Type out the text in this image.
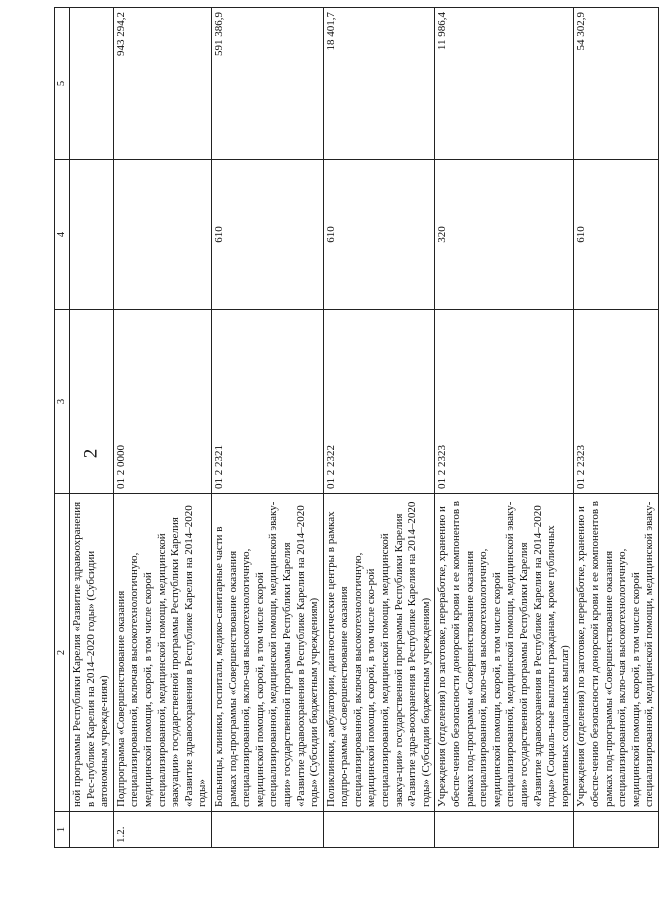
2
1	2	3	4	5
	ной программы Республики Карелия «Развитие здравоохранения в Рес-публике Карелия на 2014–2020 годы» (Субсидии автономным учрежде-ниям)			
1.2.	Подпрограмма «Совершенствование оказания специализированной, включая высокотехнологичную, медицинской помощи, скорой, в том числе скорой специализированной, медицинской помощи, медицинской эвакуации» государственной программы Республики Карелия «Развитие здравоохранения в Республике Карелия на 2014–2020 годы»	01 2 0000		943 294,2
	Больницы, клиники, госпитали, медико-санитарные части в рамках под-программы «Совершенствование оказания специализированной, вклю-чая высокотехнологичную, медицинской помощи, скорой, в том числе скорой специализированной, медицинской помощи, медицинской эваку-ации» государственной программы Республики Карелия «Развитие здравоохранения в Республике Карелия на 2014–2020 годы» (Субсидии бюджетным учреждениям)	01 2 2321	610	591 386,9
	Поликлиники, амбулатории, диагностические центры в рамках подпро-граммы «Совершенствование оказания специализированной, включая высокотехнологичную, медицинской помощи, скорой, в том числе ско-рой специализированной, медицинской помощи, медицинской эвакуа-ции» государственной программы Республики Карелия «Развитие здра-воохранения в Республике Карелия на 2014–2020 годы» (Субсидии бюджетным учреждениям)	01 2 2322	610	18 401,7
	Учреждения (отделения) по заготовке, переработке, хранению и обеспе-чению безопасности донорской крови и ее компонентов в рамках под-программы «Совершенствование оказания специализированной, вклю-чая высокотехнологичную, медицинской помощи, скорой, в том числе скорой специализированной, медицинской помощи, медицинской эваку-ации» государственной программы Республики Карелия «Развитие здравоохранения в Республике Карелия на 2014–2020 годы» (Социаль-ные выплаты гражданам, кроме публичных нормативных социальных выплат)	01 2 2323	320	11 986,4
	Учреждения (отделения) по заготовке, переработке, хранению и обеспе-чению безопасности донорской крови и ее компонентов в рамках под-программы «Совершенствование оказания специализированной, вклю-чая высокотехнологичную, медицинской помощи, скорой, в том числе скорой специализированной, медицинской помощи, медицинской эваку-	01 2 2323	610	54 302,9
